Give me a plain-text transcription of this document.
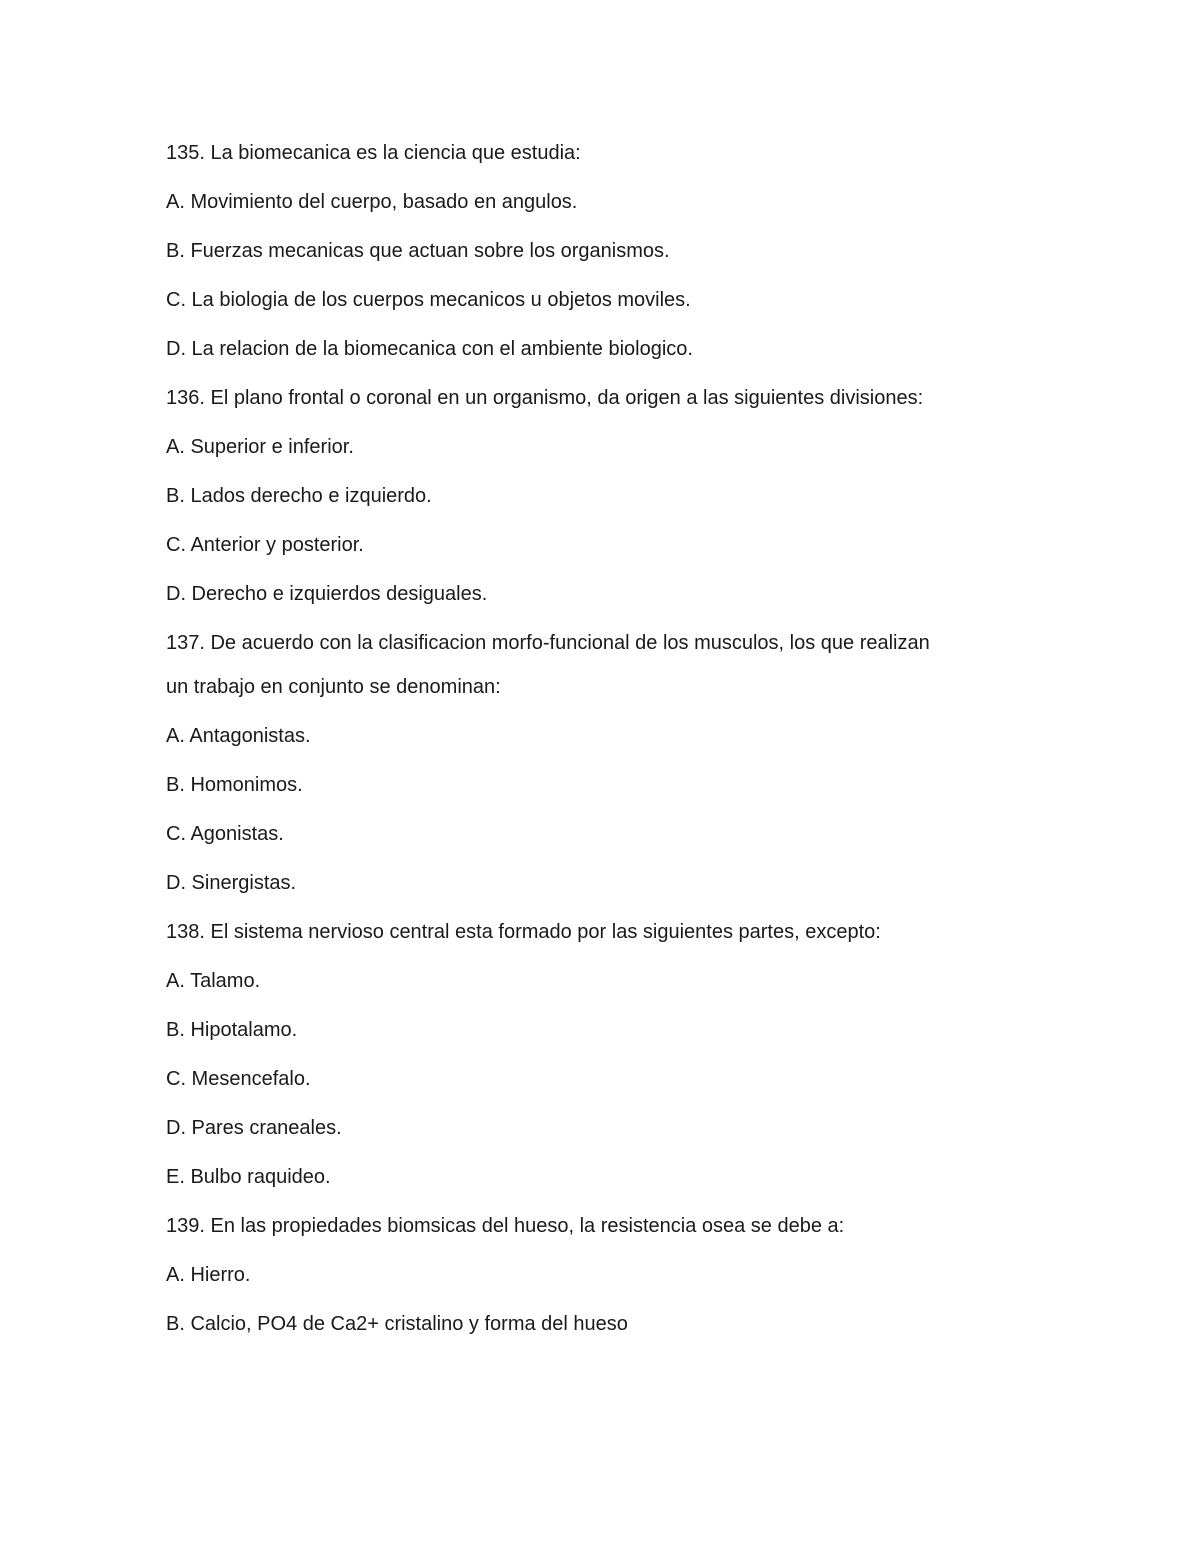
135. La biomecanica es la ciencia que estudia:

A. Movimiento del cuerpo, basado en angulos.

B. Fuerzas mecanicas que actuan sobre los organismos.

C. La biologia de los cuerpos mecanicos u objetos moviles.

D. La relacion de la biomecanica con el ambiente biologico.

136. El plano frontal o coronal en un organismo, da origen a las siguientes divisiones:

A. Superior e inferior.

B. Lados derecho e izquierdo.

C. Anterior y posterior.

D. Derecho e izquierdos desiguales.

137. De acuerdo con la clasificacion morfo-funcional de los musculos, los que realizan

un trabajo en conjunto se denominan:

A. Antagonistas.

B. Homonimos.

C. Agonistas.

D. Sinergistas.

138. El sistema nervioso central esta formado por las siguientes partes, excepto:

A. Talamo.

B. Hipotalamo.

C. Mesencefalo.

D. Pares craneales.

E. Bulbo raquideo.

139. En las propiedades biomsicas del hueso, la resistencia osea se debe a:

A. Hierro.

B. Calcio, PO4 de Ca2+ cristalino y forma del hueso
